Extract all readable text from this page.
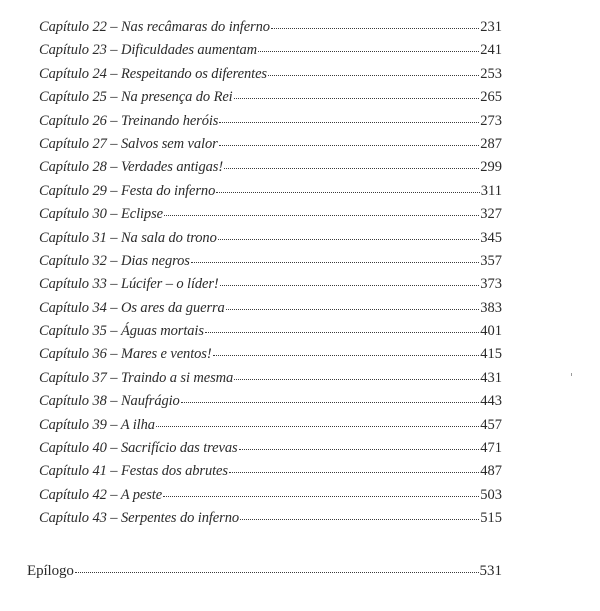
Capítulo 22 – Nas recâmaras do inferno	231
Capítulo 23 – Dificuldades aumentam	241
Capítulo 24 – Respeitando os diferentes	253
Capítulo 25 – Na presença do Rei	265
Capítulo 26 – Treinando heróis	273
Capítulo 27 – Salvos sem valor	287
Capítulo 28 – Verdades antigas!	299
Capítulo 29 – Festa do inferno	311
Capítulo 30 – Eclipse	327
Capítulo 31 – Na sala do trono	345
Capítulo 32 – Dias negros	357
Capítulo 33 – Lúcifer – o líder!	373
Capítulo 34 – Os ares da guerra	383
Capítulo 35 – Águas mortais	401
Capítulo 36 – Mares e ventos!	415
Capítulo 37 – Traindo a si mesma	431
Capítulo 38 – Naufrágio	443
Capítulo 39 – A ilha	457
Capítulo 40 – Sacrifício das trevas	471
Capítulo 41 – Festas dos abrutes	487
Capítulo 42 – A peste	503
Capítulo 43 – Serpentes do inferno	515
Epílogo	531
